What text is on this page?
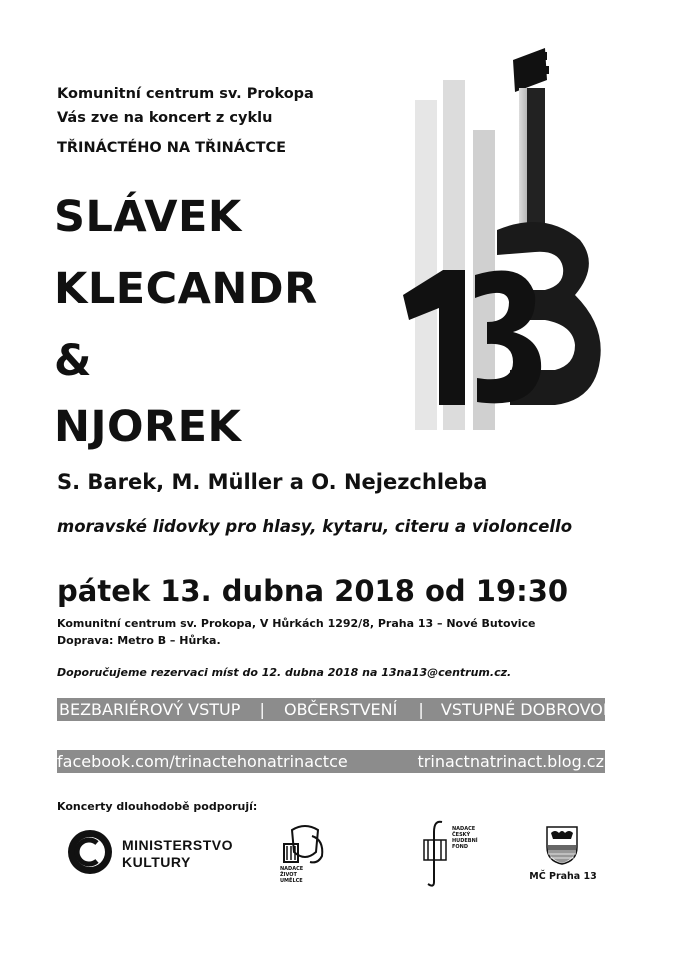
Komunitní centrum sv. Prokopa
Vás zve na koncert z cyklu
TŘINÁCTÉHO NA TŘINÁCTCE
SLÁVEK
KLECANDR
&
NJOREK
S. Barek, M. Müller a O. Nejezchleba
moravské lidovky pro hlasy, kytaru, citeru a violoncello
pátek 13. dubna 2018 od 19:30
Komunitní centrum sv. Prokopa, V Hůrkách 1292/8, Praha 13 – Nové Butovice
Doprava: Metro B – Hůrka.
Doporučujeme rezervaci míst do 12. dubna 2018 na 13na13@centrum.cz.
BEZBARIÉROVÝ VSTUP | OBČERSTVENÍ | VSTUPNÉ DOBROVOLNÉ
facebook.com/trinactehonatrinactce	trinactnatrinact.blog.cz
Koncerty dlouhodobě podporují:
MINISTERSTVO
KULTURY	NADACE
ŽIVOT
UMĚLCE
NADACE
ČESKÝ
HUDEBNÍ
FOND
MČ Praha 13
